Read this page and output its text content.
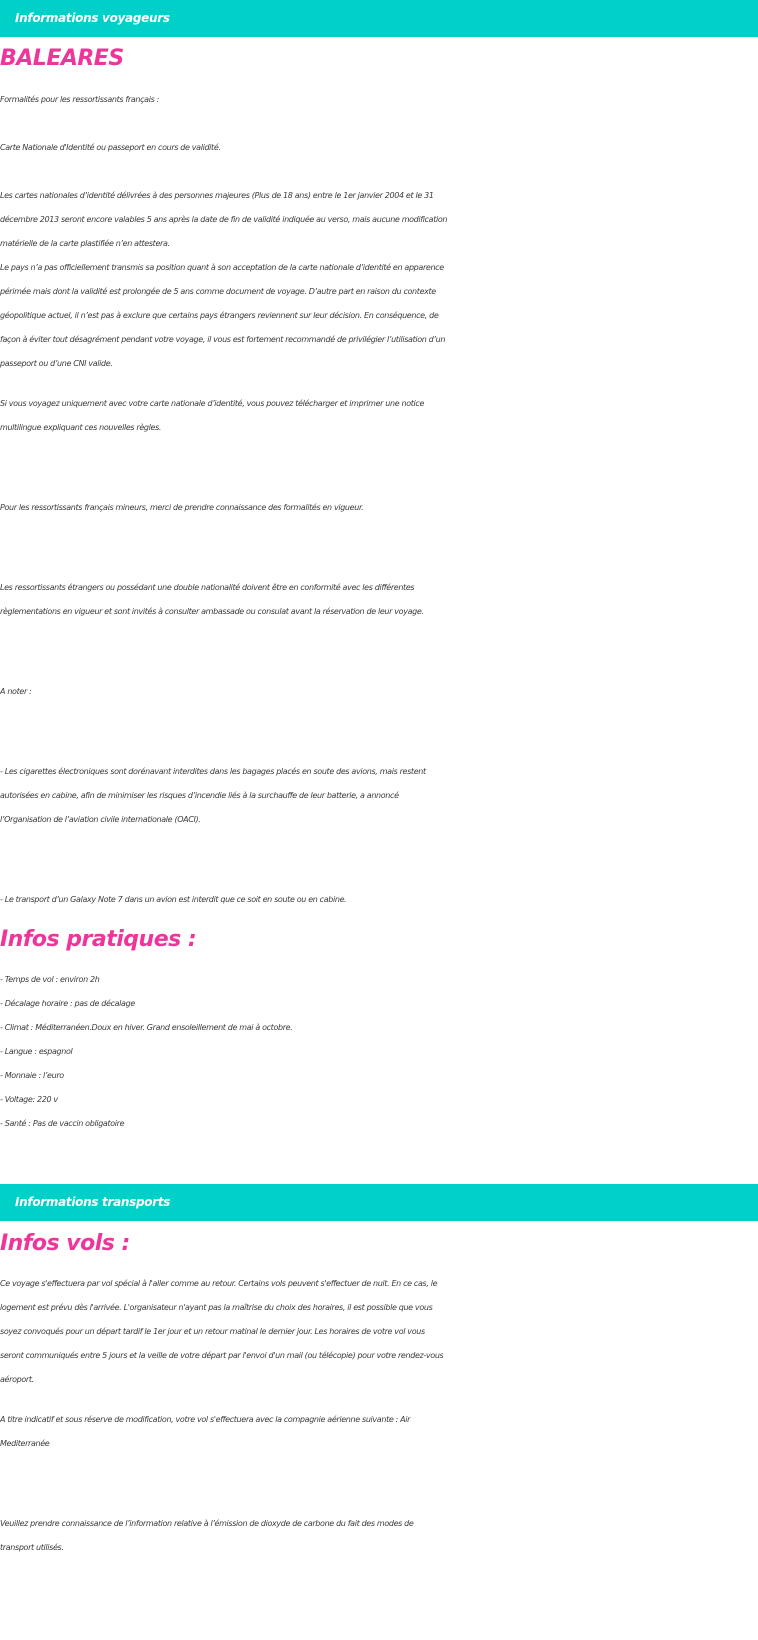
Informations voyageurs
BALEARES

Formalités pour les ressortissants français :

Carte Nationale d'Identité ou passeport en cours de validité.

Les cartes nationales d’identité délivrées à des personnes majeures (Plus de 18 ans) entre le 1er janvier 2004 et le 31
décembre 2013 seront encore valables 5 ans après la date de fin de validité indiquée au verso, mais aucune modification
matérielle de la carte plastifiée n’en attestera.
Le pays n’a pas officiellement transmis sa position quant à son acceptation de la carte nationale d’identité en apparence
périmée mais dont la validité est prolongée de 5 ans comme document de voyage. D’autre part en raison du contexte
géopolitique actuel, il n’est pas à exclure que certains pays étrangers reviennent sur leur décision. En conséquence, de
façon à éviter tout désagrément pendant votre voyage, il vous est fortement recommandé de privilégier l’utilisation d’un
passeport ou d’une CNI valide.
Si vous voyagez uniquement avec votre carte nationale d’identité, vous pouvez télécharger et imprimer une notice
multilingue expliquant ces nouvelles règles.

Pour les ressortissants français mineurs, merci de prendre connaissance des formalités en vigueur.

Les ressortissants étrangers ou possédant une double nationalité doivent être en conformité avec les différentes
règlementations en vigueur et sont invités à consulter ambassade ou consulat avant la réservation de leur voyage.

A noter :

- Les cigarettes électroniques sont dorénavant interdites dans les bagages placés en soute des avions, mais restent
autorisées en cabine, afin de minimiser les risques d’incendie liés à la surchauffe de leur batterie, a annoncé
l’Organisation de l’aviation civile internationale (OACI).

- Le transport d’un Galaxy Note 7 dans un avion est interdit que ce soit en soute ou en cabine.

Infos pratiques :
- Temps de vol : environ 2h
- Décalage horaire : pas de décalage
- Climat : Méditerranéen.Doux en hiver. Grand ensoleillement de mai à octobre.
- Langue : espagnol
- Monnaie : l’euro
- Voltage: 220 v
- Santé : Pas de vaccin obligatoire
Informations transports
Infos vols :
Ce voyage s'effectuera par vol spécial à l'aller comme au retour. Certains vols peuvent s'effectuer de nuit. En ce cas, le
logement est prévu dès l'arrivée. L'organisateur n'ayant pas la maîtrise du choix des horaires, il est possible que vous
soyez convoqués pour un départ tardif le 1er jour et un retour matinal le dernier jour. Les horaires de votre vol vous
seront communiqués entre 5 jours et la veille de votre départ par l'envoi d'un mail (ou télécopie) pour votre rendez-vous
aéroport.
A titre indicatif et sous réserve de modification, votre vol s'effectuera avec la compagnie aérienne suivante : Air
Mediterranée
Veuillez prendre connaissance de l’information relative à l’émission de dioxyde de carbone du fait des modes de
transport utilisés.
